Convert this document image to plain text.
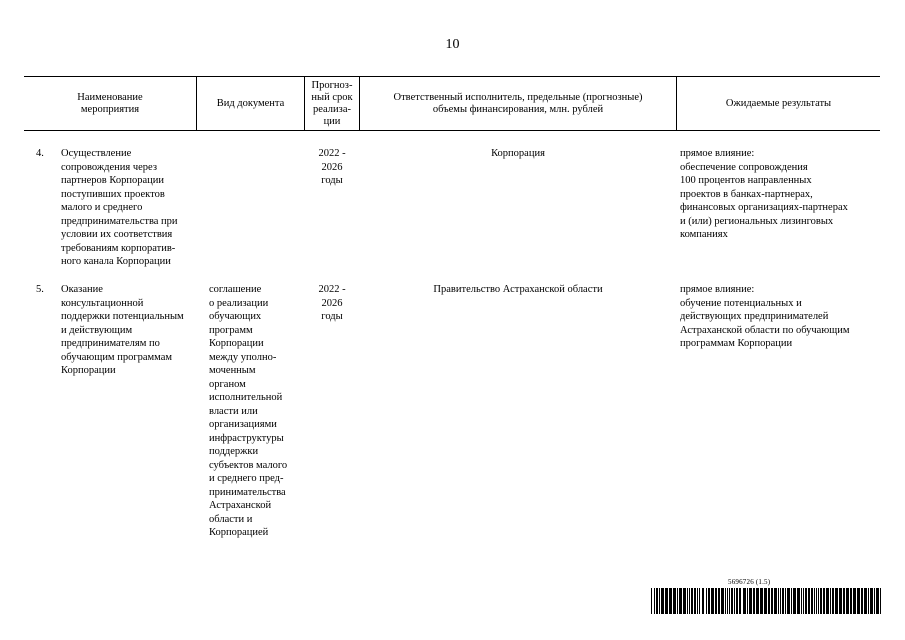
10
Наименование
мероприятия
Вид документа
Прогноз-
ный срок
реализа-
ции
Ответственный исполнитель, предельные (прогнозные)
объемы финансирования, млн. рублей
Ожидаемые результаты
4. Осуществление
сопровождения через
партнеров Корпорации
поступивших проектов
малого и среднего
предпринимательства при
условии их соответствия
требованиям корпоратив-
ного канала Корпорации
2022 -
2026
годы
Корпорация	прямое влияние:
обеспечение сопровождения
100 процентов направленных
проектов в банках-партнерах,
финансовых организациях-партнерах
и (или) региональных лизинговых
компаниях
5. Оказание
консультационной
поддержки потенциальным
и действующим
предпринимателям по
обучающим программам
Корпорации
соглашение
о реализации
обучающих
программ
Корпорации
между уполно-
моченным
органом
исполнительной
власти или
организациями
инфраструктуры
поддержки
субъектов малого
и среднего пред-
принимательства
Астраханской
области и
Корпорацией
2022 -
2026
годы
Правительство Астраханской области	прямое влияние:
обучение потенциальных и
действующих предпринимателей
Астраханской области по обучающим
программам Корпорации
5696726 (1.5)
